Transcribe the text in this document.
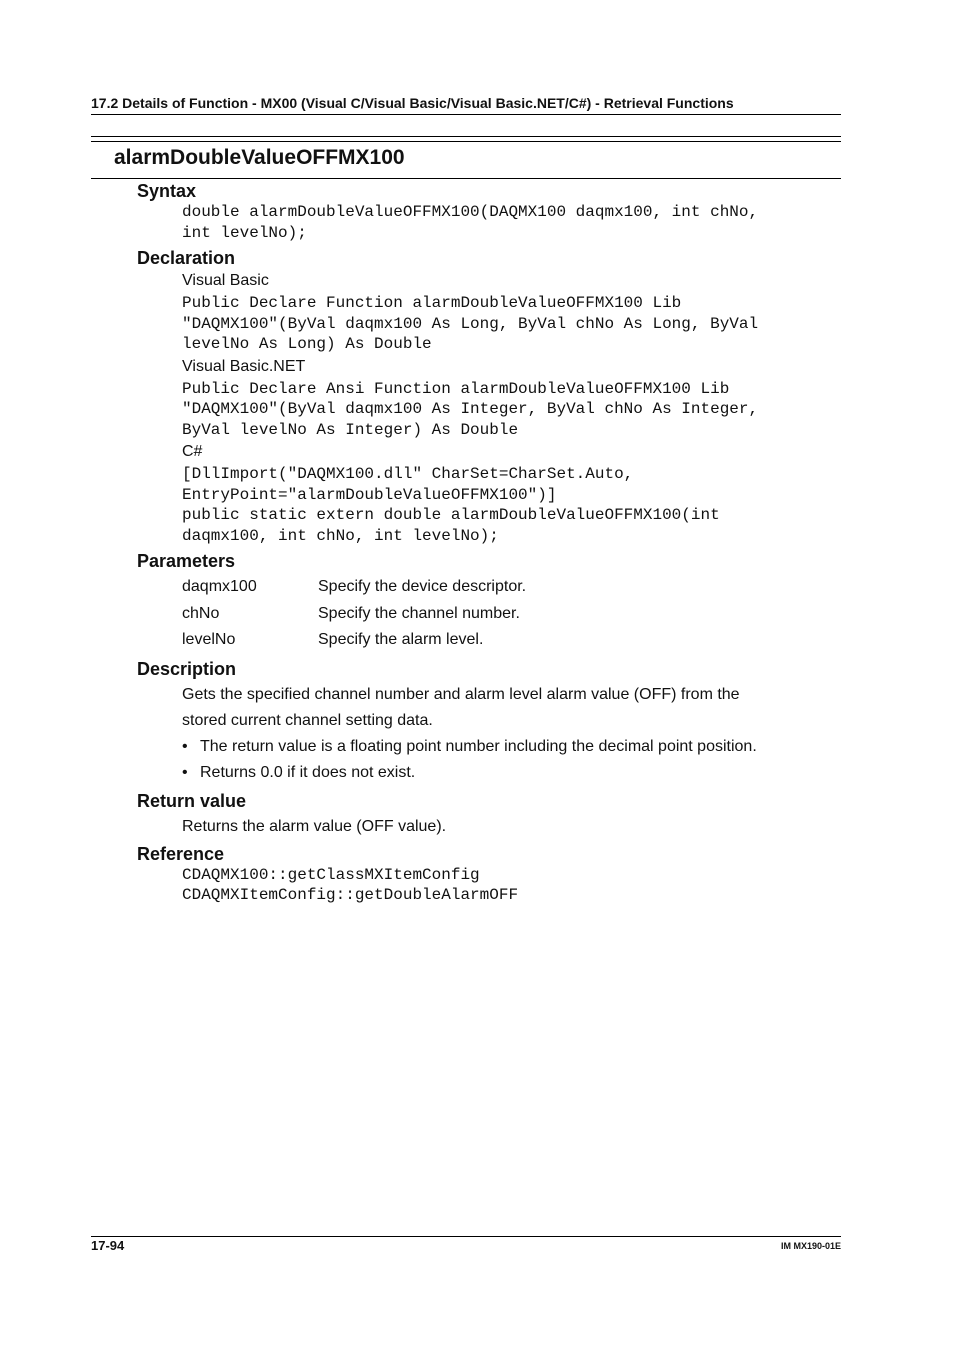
17.2 Details of Function - MX00 (Visual C/Visual Basic/Visual Basic.NET/C#) - Retrieval Functions
alarmDoubleValueOFFMX100
Syntax

double alarmDoubleValueOFFMX100(DAQMX100 daqmx100, int chNo,

int levelNo);

Declaration

Visual Basic

Public Declare Function alarmDoubleValueOFFMX100 Lib

"DAQMX100"(ByVal daqmx100 As Long, ByVal chNo As Long, ByVal

levelNo As Long) As Double

Visual Basic.NET

Public Declare Ansi Function alarmDoubleValueOFFMX100 Lib

"DAQMX100"(ByVal daqmx100 As Integer, ByVal chNo As Integer,

ByVal levelNo As Integer) As Double

C#

[DllImport("DAQMX100.dll" CharSet=CharSet.Auto,

EntryPoint="alarmDoubleValueOFFMX100")]

public static extern double alarmDoubleValueOFFMX100(int

daqmx100, int chNo, int levelNo);

Parameters
daqmx100	Specify the device descriptor.
chNo	Specify the channel number.
levelNo	Specify the alarm level.
Description

Gets the specified channel number and alarm level alarm value (OFF) from the

stored current channel setting data.

• The return value is a floating point number including the decimal point position.
• Returns 0.0 if it does not exist.
Return value

Returns the alarm value (OFF value).

Reference

CDAQMX100::getClassMXItemConfig

CDAQMXItemConfig::getDoubleAlarmOFF

17-94	IM MX190-01E
